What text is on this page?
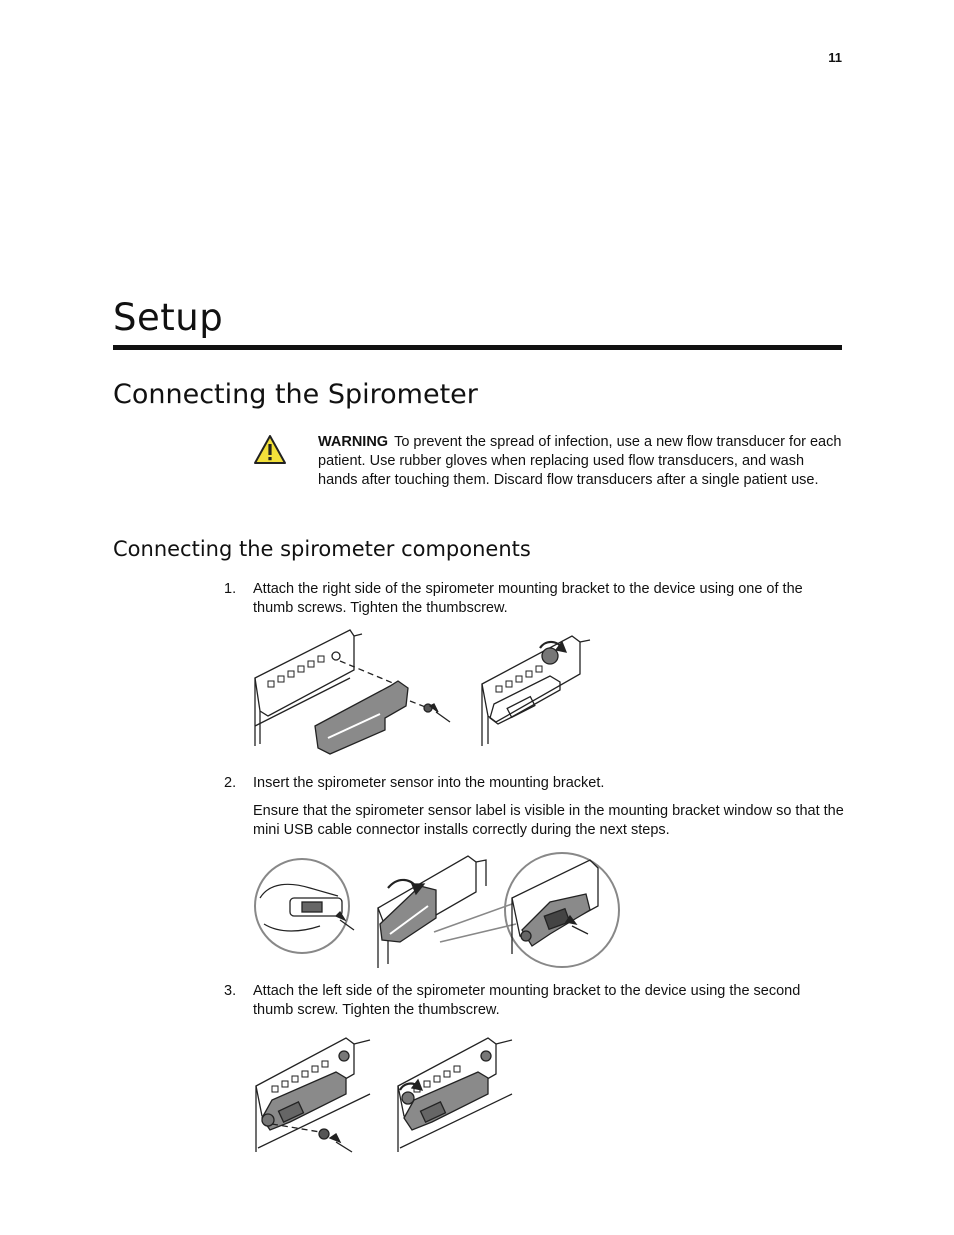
11
Setup
Connecting the Spirometer

WARNING To prevent the spread of infection, use a new flow transducer for each patient. Use rubber gloves when replacing used flow transducers, and wash hands after touching them. Discard flow transducers after a single patient use.

Connecting the spirometer components
1. Attach the right side of the spirometer mounting bracket to the device using one of the thumb screws. Tighten the thumbscrew.
2. Insert the spirometer sensor into the mounting bracket.
Ensure that the spirometer sensor label is visible in the mounting bracket window so that the mini USB cable connector installs correctly during the next steps.
3. Attach the left side of the spirometer mounting bracket to the device using the second thumb screw. Tighten the thumbscrew.
